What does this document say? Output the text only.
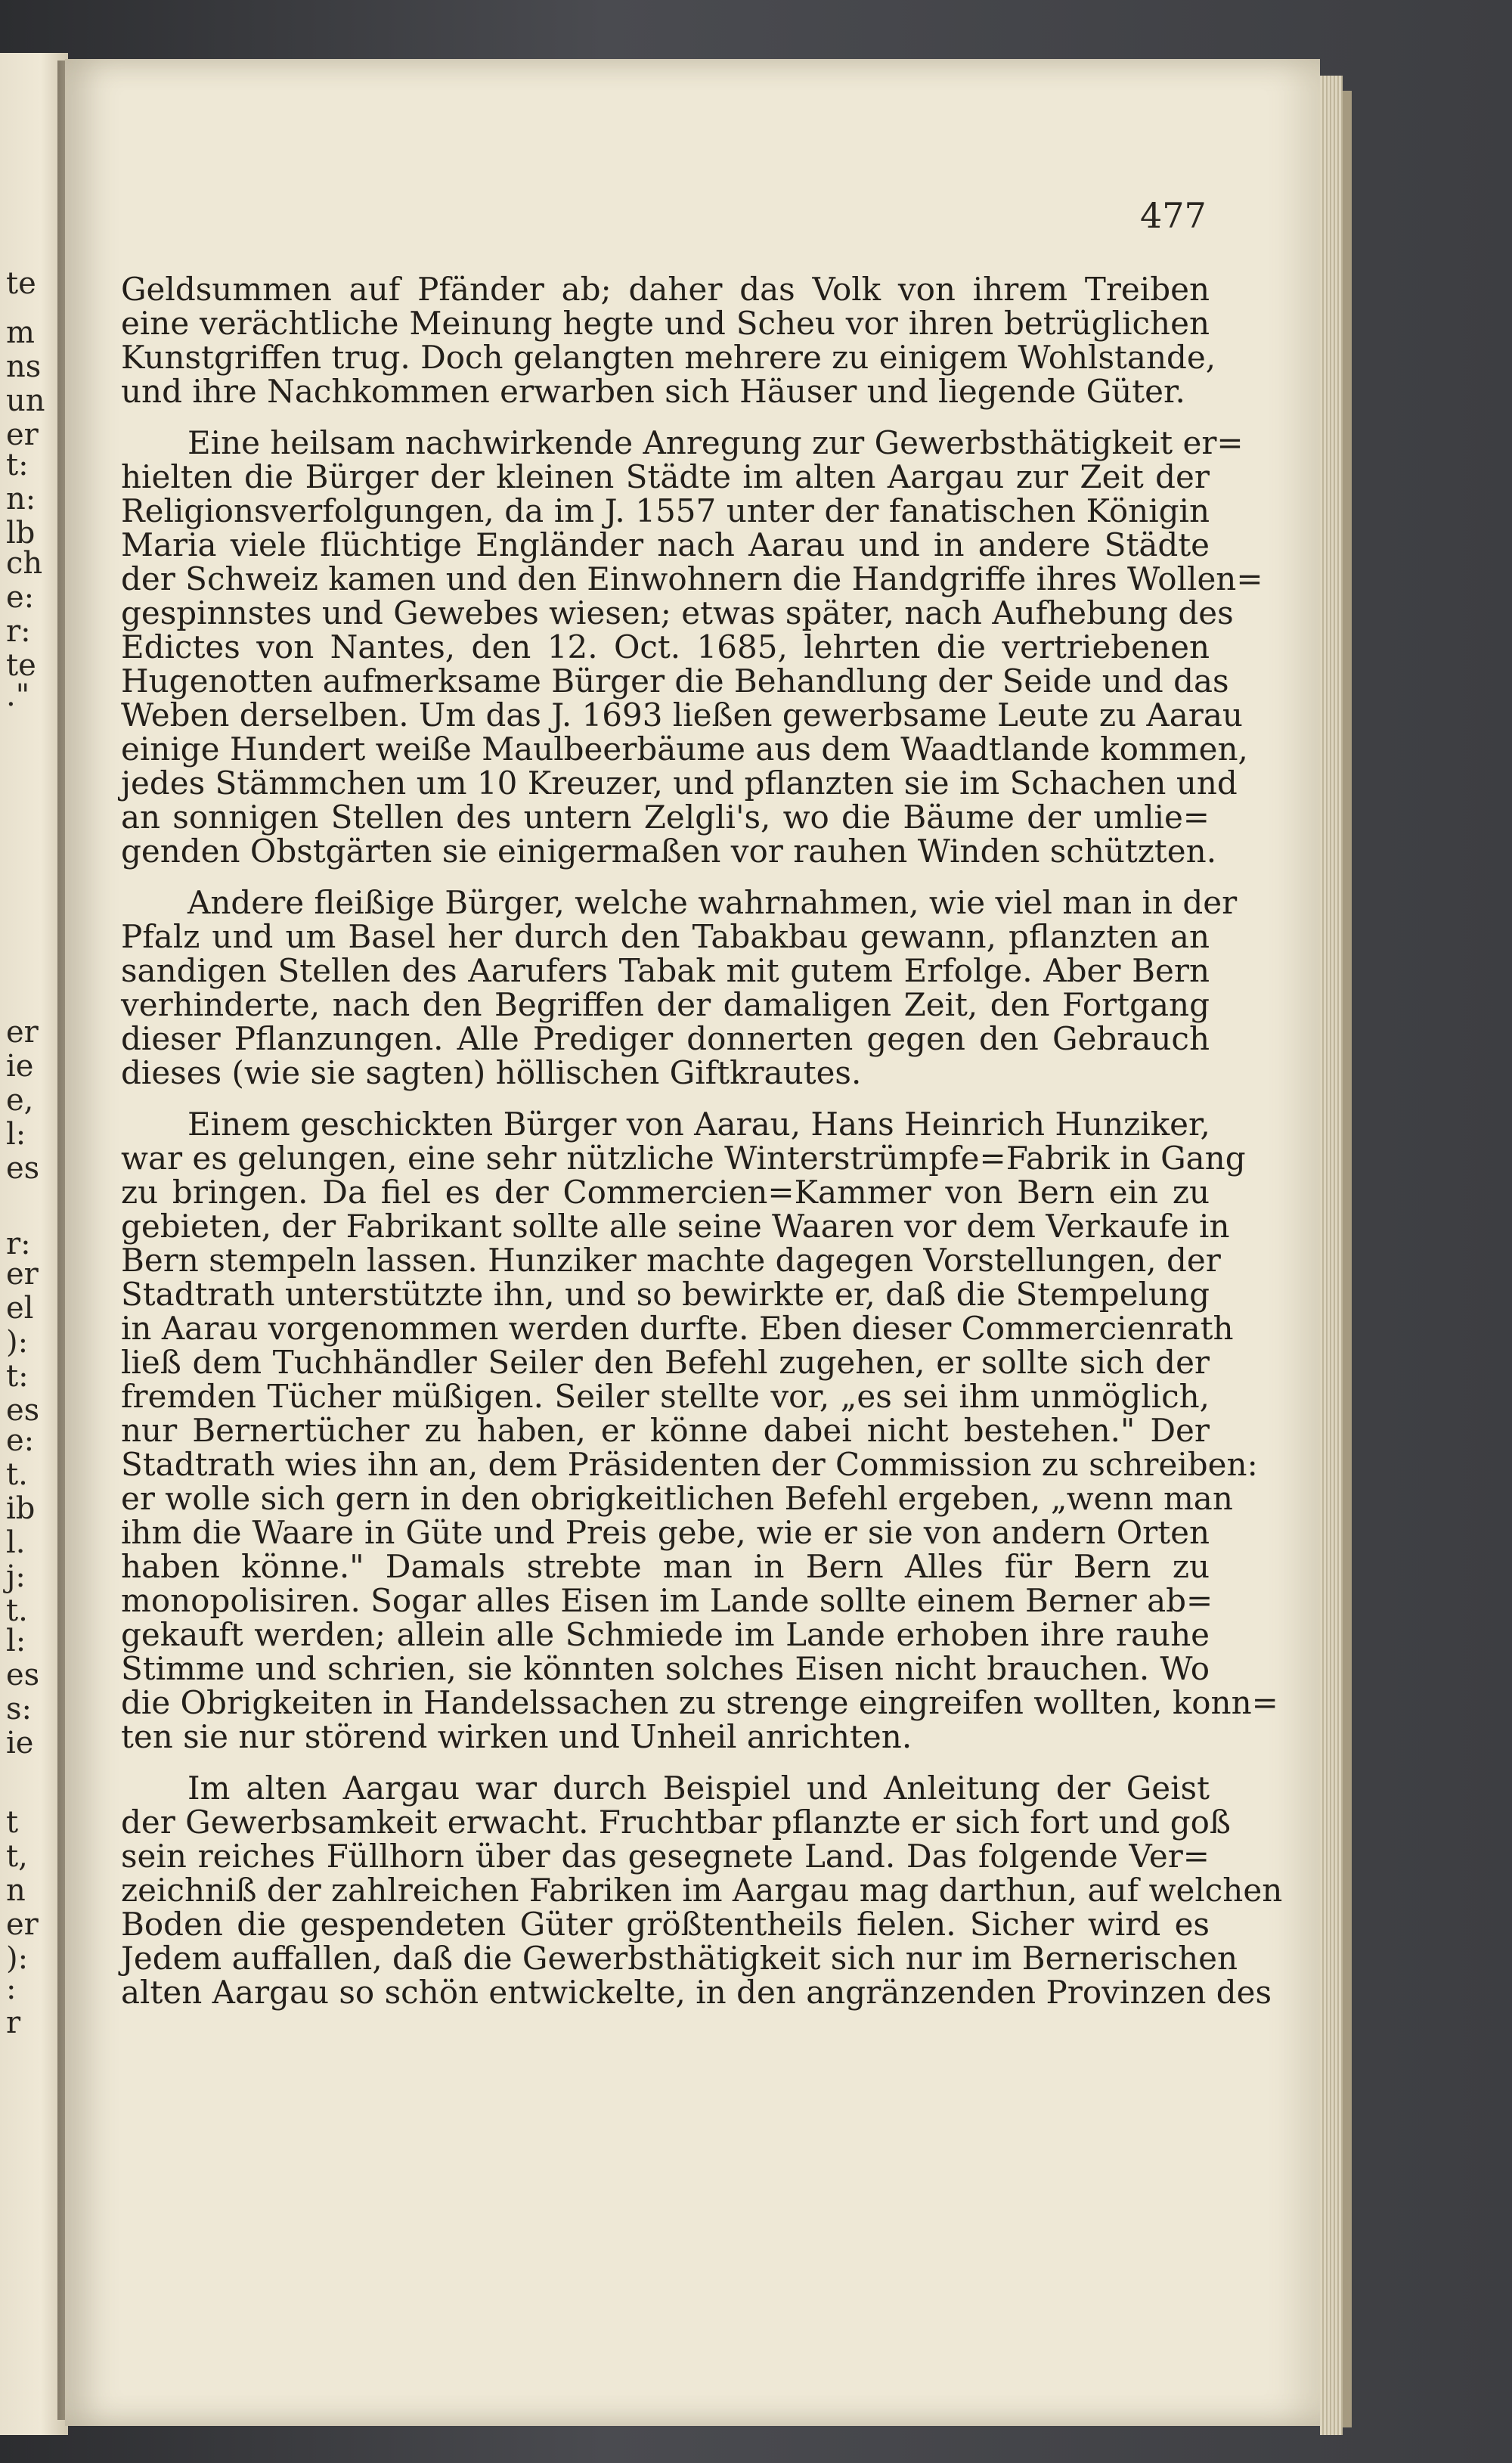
te
m
ns
un
er
t:
n:
lb
ch
e:
r:
te
."
er
ie
e,
l:
es
r:
er
el
):
t:
es
e:
t.
ib
l.
j:
t.
l:
es
s:
ie
t
t,
n
er
):
:
r
477
Geldsummen auf Pfänder ab; daher das Volk von ihrem Treiben
eine verächtliche Meinung hegte und Scheu vor ihren betrüglichen
Kunstgriffen trug. Doch gelangten mehrere zu einigem Wohlstande,
und ihre Nachkommen erwarben sich Häuser und liegende Güter.
Eine heilsam nachwirkende Anregung zur Gewerbsthätigkeit er=
hielten die Bürger der kleinen Städte im alten Aargau zur Zeit der
Religionsverfolgungen, da im J. 1557 unter der fanatischen Königin
Maria viele flüchtige Engländer nach Aarau und in andere Städte
der Schweiz kamen und den Einwohnern die Handgriffe ihres Wollen=
gespinnstes und Gewebes wiesen; etwas später, nach Aufhebung des
Edictes von Nantes, den 12. Oct. 1685, lehrten die vertriebenen
Hugenotten aufmerksame Bürger die Behandlung der Seide und das
Weben derselben. Um das J. 1693 ließen gewerbsame Leute zu Aarau
einige Hundert weiße Maulbeerbäume aus dem Waadtlande kommen,
jedes Stämmchen um 10 Kreuzer, und pflanzten sie im Schachen und
an sonnigen Stellen des untern Zelgli's, wo die Bäume der umlie=
genden Obstgärten sie einigermaßen vor rauhen Winden schützten.
Andere fleißige Bürger, welche wahrnahmen, wie viel man in der
Pfalz und um Basel her durch den Tabakbau gewann, pflanzten an
sandigen Stellen des Aarufers Tabak mit gutem Erfolge. Aber Bern
verhinderte, nach den Begriffen der damaligen Zeit, den Fortgang
dieser Pflanzungen. Alle Prediger donnerten gegen den Gebrauch
dieses (wie sie sagten) höllischen Giftkrautes.
Einem geschickten Bürger von Aarau, Hans Heinrich Hunziker,
war es gelungen, eine sehr nützliche Winterstrümpfe=Fabrik in Gang
zu bringen. Da fiel es der Commercien=Kammer von Bern ein zu
gebieten, der Fabrikant sollte alle seine Waaren vor dem Verkaufe in
Bern stempeln lassen. Hunziker machte dagegen Vorstellungen, der
Stadtrath unterstützte ihn, und so bewirkte er, daß die Stempelung
in Aarau vorgenommen werden durfte. Eben dieser Commercienrath
ließ dem Tuchhändler Seiler den Befehl zugehen, er sollte sich der
fremden Tücher müßigen. Seiler stellte vor, „es sei ihm unmöglich,
nur Bernertücher zu haben, er könne dabei nicht bestehen." Der
Stadtrath wies ihn an, dem Präsidenten der Commission zu schreiben:
er wolle sich gern in den obrigkeitlichen Befehl ergeben, „wenn man
ihm die Waare in Güte und Preis gebe, wie er sie von andern Orten
haben könne." Damals strebte man in Bern Alles für Bern zu
monopolisiren. Sogar alles Eisen im Lande sollte einem Berner ab=
gekauft werden; allein alle Schmiede im Lande erhoben ihre rauhe
Stimme und schrien, sie könnten solches Eisen nicht brauchen. Wo
die Obrigkeiten in Handelssachen zu strenge eingreifen wollten, konn=
ten sie nur störend wirken und Unheil anrichten.
Im alten Aargau war durch Beispiel und Anleitung der Geist
der Gewerbsamkeit erwacht. Fruchtbar pflanzte er sich fort und goß
sein reiches Füllhorn über das gesegnete Land. Das folgende Ver=
zeichniß der zahlreichen Fabriken im Aargau mag darthun, auf welchen
Boden die gespendeten Güter größtentheils fielen. Sicher wird es
Jedem auffallen, daß die Gewerbsthätigkeit sich nur im Bernerischen
alten Aargau so schön entwickelte, in den angränzenden Provinzen des
